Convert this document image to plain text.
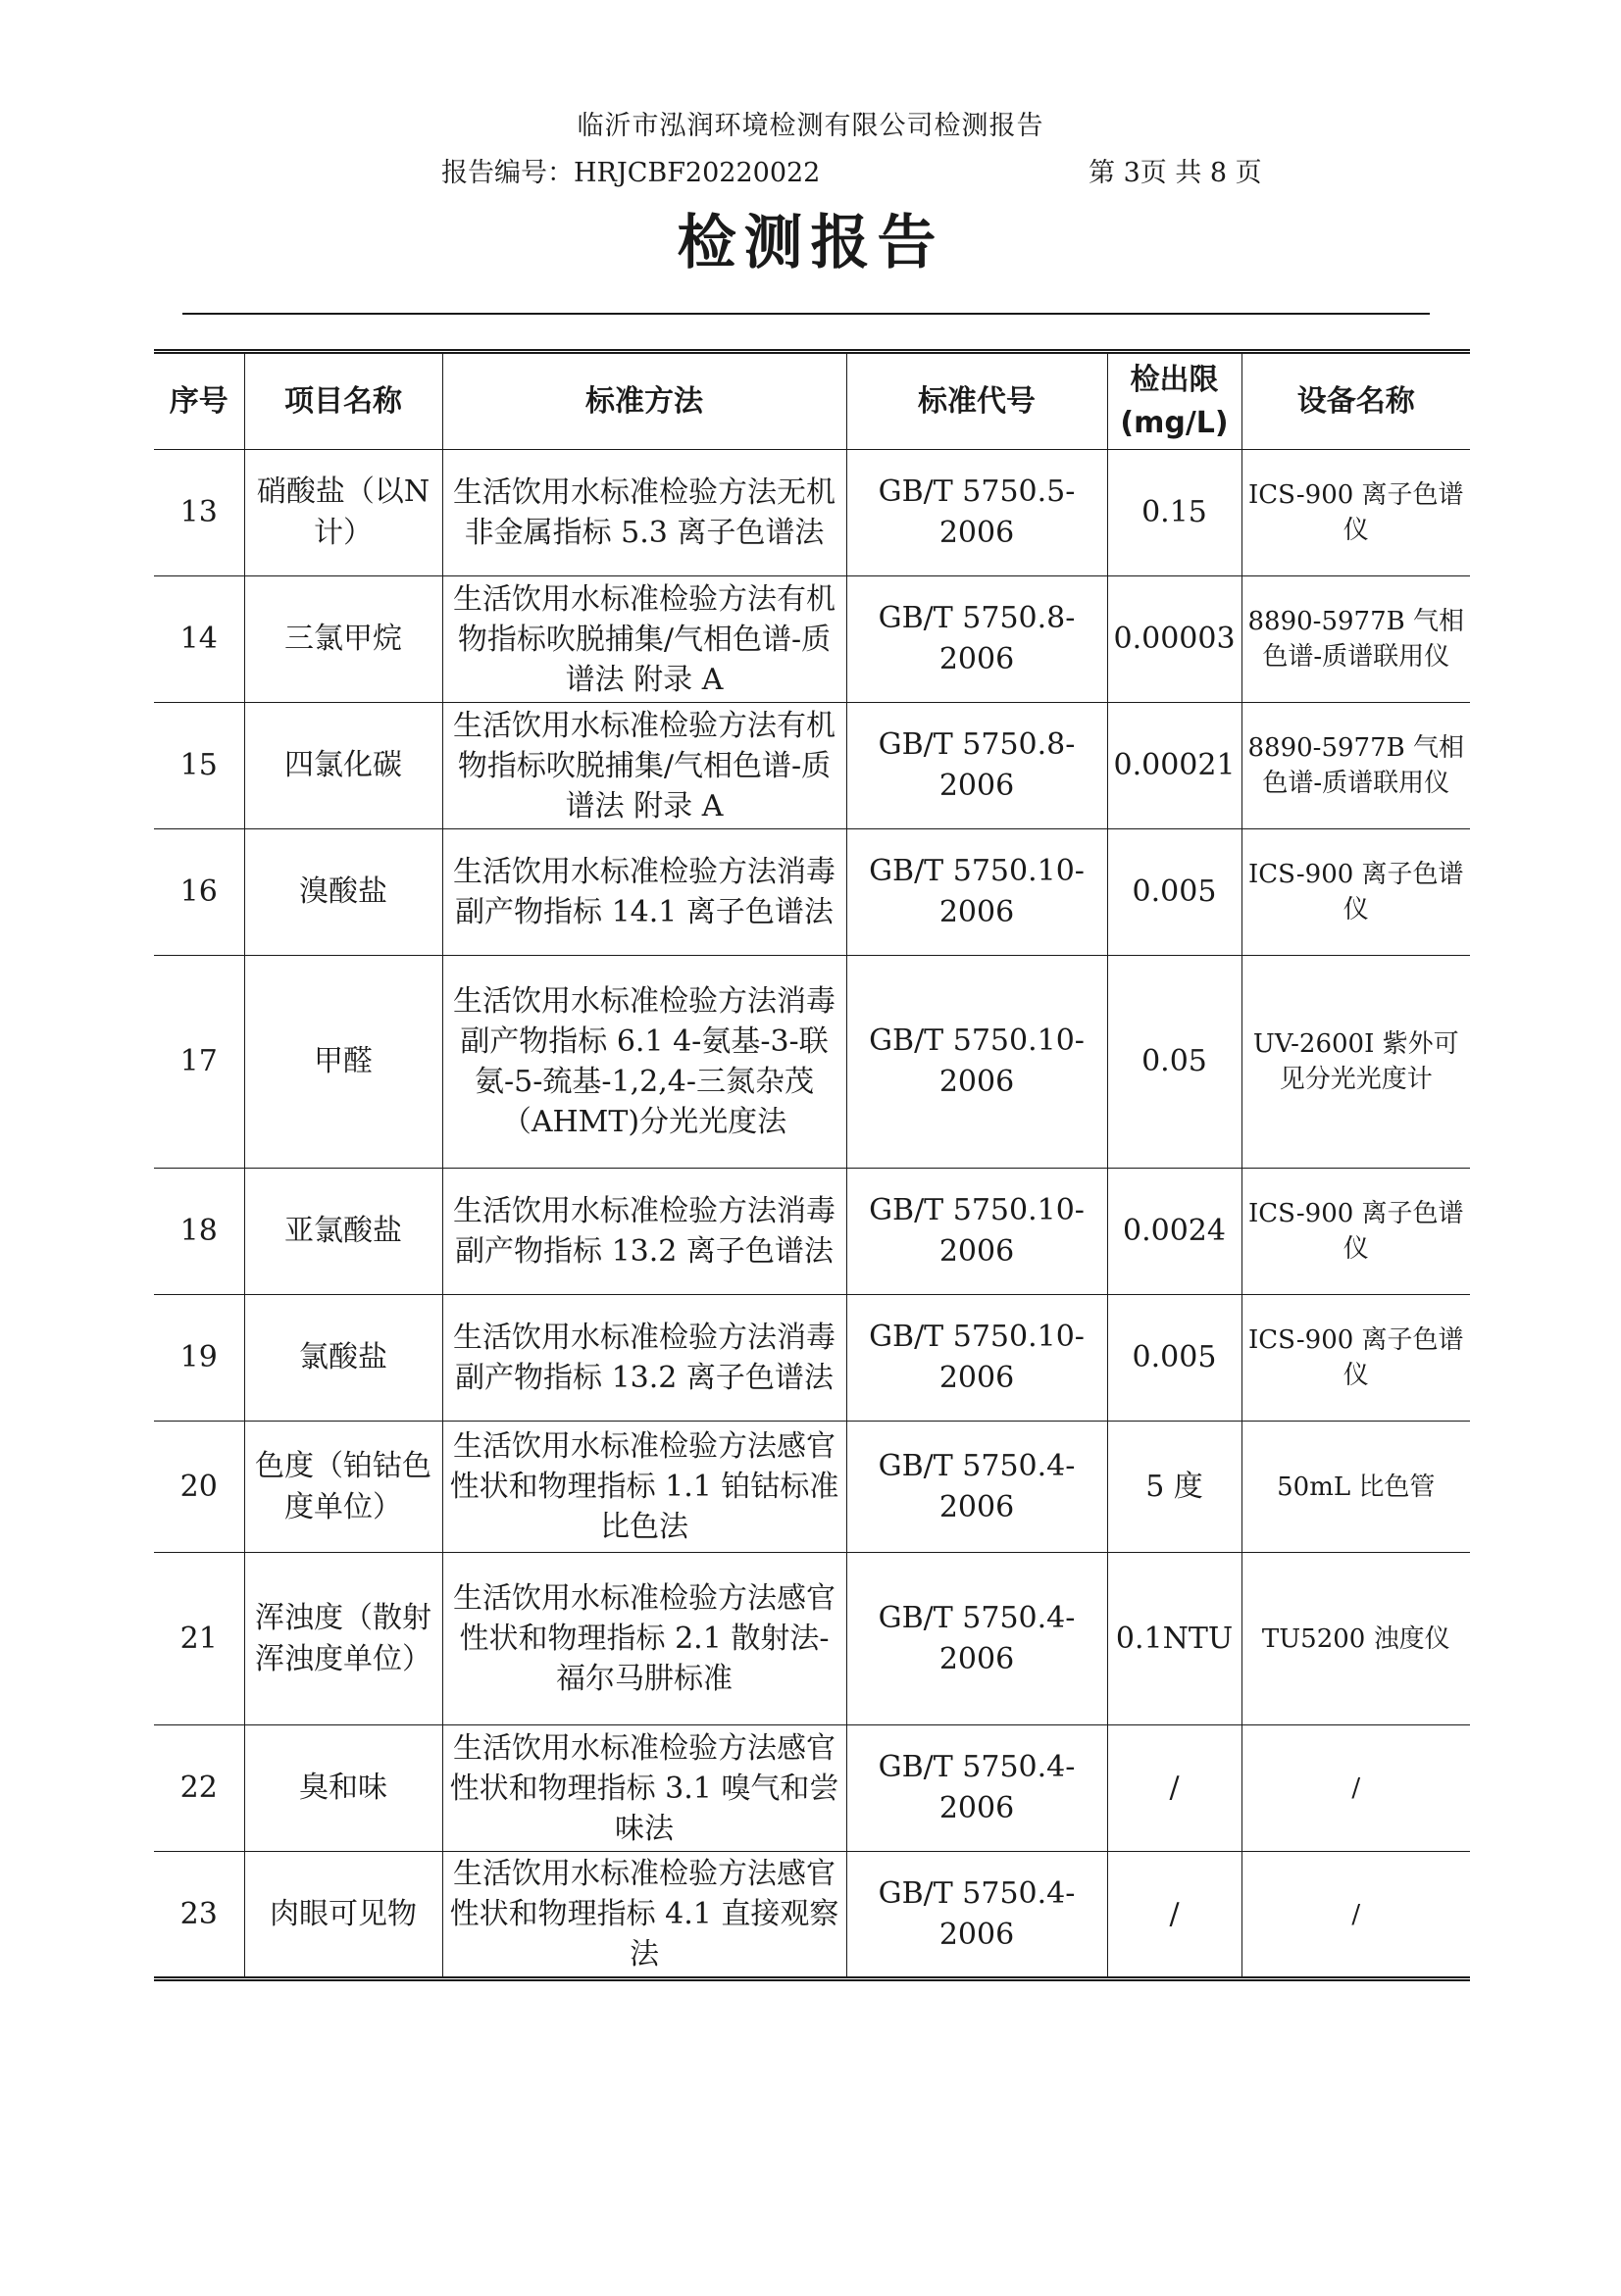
临沂市泓润环境检测有限公司检测报告
报告编号：HRJCBF20220022	第 3页 共 8 页
检测报告
序号	项目名称	标准方法	标准代号	检出限(mg/L)	设备名称
13	硝酸盐（以N计）	生活饮用水标准检验方法无机非金属指标 5.3 离子色谱法	GB/T 5750.5-2006	0.15	ICS-900 离子色谱仪
14	三氯甲烷	生活饮用水标准检验方法有机物指标吹脱捕集/气相色谱-质谱法 附录 A	GB/T 5750.8-2006	0.00003	8890-5977B 气相色谱-质谱联用仪
15	四氯化碳	生活饮用水标准检验方法有机物指标吹脱捕集/气相色谱-质谱法 附录 A	GB/T 5750.8-2006	0.00021	8890-5977B 气相色谱-质谱联用仪
16	溴酸盐	生活饮用水标准检验方法消毒副产物指标 14.1 离子色谱法	GB/T 5750.10-2006	0.005	ICS-900 离子色谱仪
17	甲醛	生活饮用水标准检验方法消毒副产物指标 6.1 4-氨基-3-联氨-5-巯基-1,2,4-三氮杂茂（AHMT)分光光度法	GB/T 5750.10-2006	0.05	UV-2600I 紫外可见分光光度计
18	亚氯酸盐	生活饮用水标准检验方法消毒副产物指标 13.2 离子色谱法	GB/T 5750.10-2006	0.0024	ICS-900 离子色谱仪
19	氯酸盐	生活饮用水标准检验方法消毒副产物指标 13.2 离子色谱法	GB/T 5750.10-2006	0.005	ICS-900 离子色谱仪
20	色度（铂钴色度单位）	生活饮用水标准检验方法感官性状和物理指标 1.1 铂钴标准比色法	GB/T 5750.4-2006	5 度	50mL 比色管
21	浑浊度（散射浑浊度单位）	生活饮用水标准检验方法感官性状和物理指标 2.1 散射法-福尔马肼标准	GB/T 5750.4-2006	0.1NTU	TU5200 浊度仪
22	臭和味	生活饮用水标准检验方法感官性状和物理指标 3.1 嗅气和尝味法	GB/T 5750.4-2006	/	/
23	肉眼可见物	生活饮用水标准检验方法感官性状和物理指标 4.1 直接观察法	GB/T 5750.4-2006	/	/
